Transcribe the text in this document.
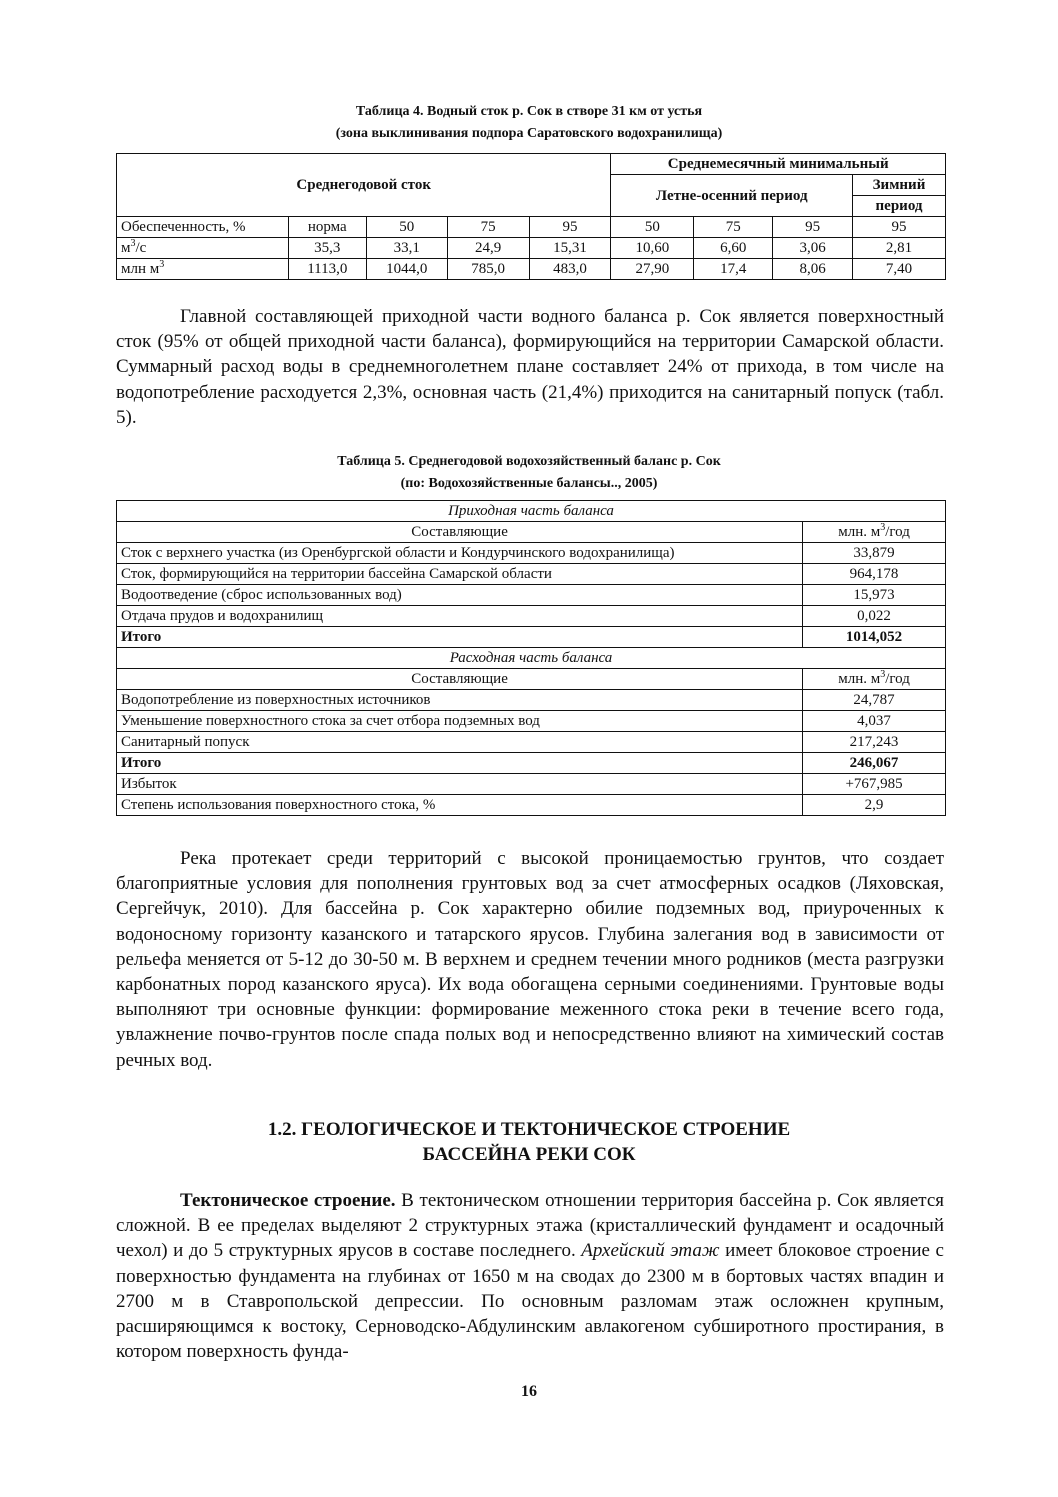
Таблица 4. Водный сток р. Сок в створе 31 км от устья
(зона выклинивания подпора Саратовского водохранилища)
Среднегодовой сток					Среднемесячный минимальный			
					Летне-осенний период			Зимний
								период
Обеспеченность, %	норма	50	75	95	50	75	95	95
$м^3/с$	35,3	33,1	24,9	15,31	10,60	6,60	3,06	2,81
млн $м^3$	1113,0	1044,0	785,0	483,0	27,90	17,4	8,06	7,40

Главной составляющей приходной части водного баланса р. Сок является поверхностный сток (95% от общей приходной части баланса), формирующийся на территории Самарской области. Суммарный расход воды в среднемноголетнем плане составляет 24% от прихода, в том числе на водопотребление расходуется 2,3%, основная часть (21,4%) приходится на санитарный попуск (табл. 5).

Таблица 5. Среднегодовой водохозяйственный баланс р. Сок
(по: Водохозяйственные балансы.., 2005)
Приходная часть баланса	
Составляющие	млн. $м^3$/год
Сток с верхнего участка (из Оренбургской области и Кондурчинского водохранилища)	33,879
Сток, формирующийся на территории бассейна Самарской области	964,178
Водоотведение (сброс использованных вод)	15,973
Отдача прудов и водохранилищ	0,022
Итого	1014,052
Расходная часть баланса	
Составляющие	млн. $м^3$/год
Водопотребление из поверхностных источников	24,787
Уменьшение поверхностного стока за счет отбора подземных вод	4,037
Санитарный попуск	217,243
Итого	246,067
Избыток	+767,985
Степень использования поверхностного стока, %	2,9

Река протекает среди территорий с высокой проницаемостью грунтов, что создает благоприятные условия для пополнения грунтовых вод за счет атмосферных осадков (Ляховская, Сергейчук, 2010). Для бассейна р. Сок характерно обилие подземных вод, приуроченных к водоносному горизонту казанского и татарского ярусов. Глубина залегания вод в зависимости от рельефа меняется от 5-12 до 30-50 м. В верхнем и среднем течении много родников (места разгрузки карбонатных пород казанского яруса). Их вода обогащена серными соединениями. Грунтовые воды выполняют три основные функции: формирование меженного стока реки в течение всего года, увлажнение почво-грунтов после спада полых вод и непосредственно влияют на химический состав речных вод.

1.2. ГЕОЛОГИЧЕСКОЕ И ТЕКТОНИЧЕСКОЕ СТРОЕНИЕ
БАССЕЙНА РЕКИ СОК

Тектоническое строение. В тектоническом отношении территория бассейна р. Сок является сложной. В ее пределах выделяют 2 структурных этажа (кристаллический фундамент и осадочный чехол) и до 5 структурных ярусов в составе последнего. Архейский этаж имеет блоковое строение с поверхностью фундамента на глубинах от 1650 м на сводах до 2300 м в бортовых частях впадин и 2700 м в Ставропольской депрессии. По основным разломам этаж осложнен крупным, расширяющимся к востоку, Серноводско-Абдулинским авлакогеном субширотного простирания, в котором поверхность фунда-

16
